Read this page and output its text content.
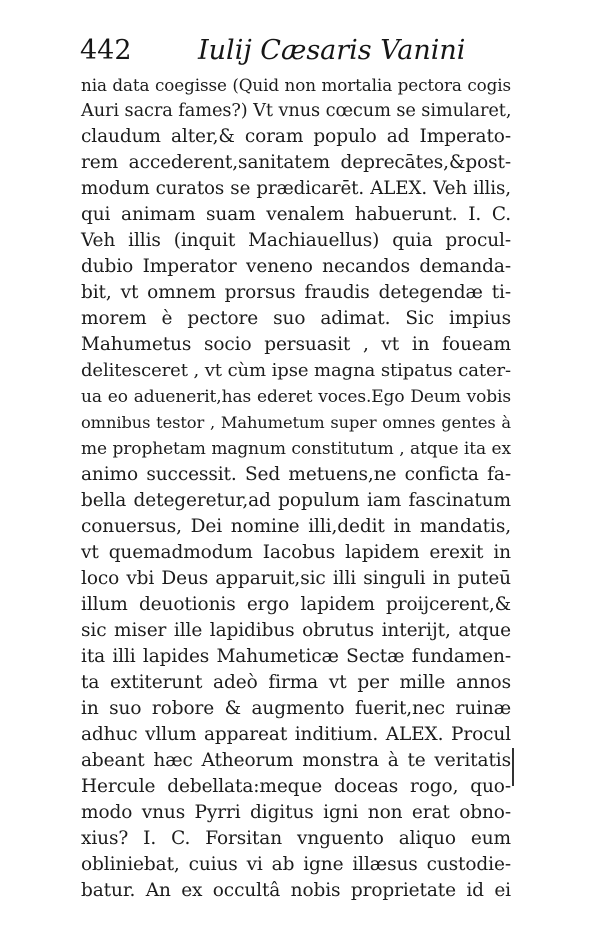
442 Iulij Cæsaris Vanini
nia data coegisse (Quid non mortalia pectora cogis
Auri sacra fames?) Vt vnus cœcum se simularet,
claudum alter,& coram populo ad Imperato-
rem accederent,sanitatem deprecātes,&post-
modum curatos se prædicarēt. ALEX. Veh illis,
qui animam suam venalem habuerunt. I. C.
Veh illis (inquit Machiauellus) quia procul-
dubio Imperator veneno necandos demanda-
bit, vt omnem prorsus fraudis detegendæ ti-
morem è pectore suo adimat. Sic impius
Mahumetus socio persuasit , vt in foueam
delitesceret , vt cùm ipse magna stipatus cater-
ua eo aduenerit,has ederet voces.Ego Deum vobis
omnibus testor , Mahumetum super omnes gentes à
me prophetam magnum constitutum , atque ita ex
animo successit. Sed metuens,ne conficta fa-
bella detegeretur,ad populum iam fascinatum
conuersus, Dei nomine illi,dedit in mandatis,
vt quemadmodum Iacobus lapidem erexit in
loco vbi Deus apparuit,sic illi singuli in puteū
illum deuotionis ergo lapidem proijcerent,&
sic miser ille lapidibus obrutus interijt, atque
ita illi lapides Mahumeticæ Sectæ fundamen-
ta extiterunt adeò firma vt per mille annos
in suo robore & augmento fuerit,nec ruinæ
adhuc vllum appareat inditium. ALEX. Procul
abeant hæc Atheorum monstra à te veritatis
Hercule debellata:meque doceas rogo, quo-
modo vnus Pyrri digitus igni non erat obno-
xius? I. C. Forsitan vnguento aliquo eum
obliniebat, cuius vi ab igne illæsus custodie-
batur. An ex occultâ nobis proprietate id ei
